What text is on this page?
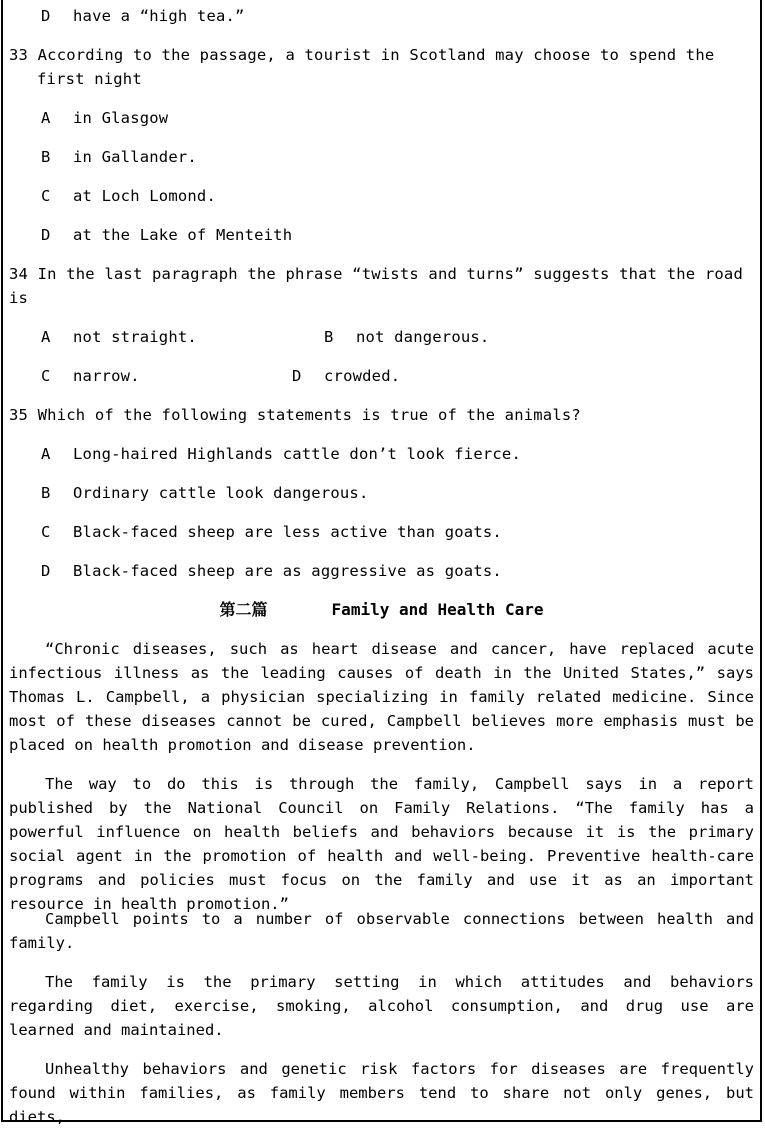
D have a “high tea.”
33 According to the passage, a tourist in Scotland may choose to spend the first night
A in Glasgow
B in Gallander.
C at Loch Lomond.
D at the Lake of Menteith
34 In the last paragraph the phrase “twists and turns” suggests that the road is
A not straight.	B not dangerous.
C narrow.	D crowded.
35 Which of the following statements is true of the animals?
A Long-haired Highlands cattle don’t look fierce.
B Ordinary cattle look dangerous.
C Black-faced sheep are less active than goats.
D Black-faced sheep are as aggressive as goats.
第二篇	Family and Health Care
“Chronic diseases, such as heart disease and cancer, have replaced acute infectious illness as the leading causes of death in the United States,” says Thomas L. Campbell, a physician specializing in family related medicine. Since most of these diseases cannot be cured, Campbell believes more emphasis must be placed on health promotion and disease prevention.
The way to do this is through the family, Campbell says in a report published by the National Council on Family Relations. “The family has a powerful influence on health beliefs and behaviors because it is the primary social agent in the promotion of health and well-being. Preventive health-care programs and policies must focus on the family and use it as an important resource in health promotion.”
Campbell points to a number of observable connections between health and family.
The family is the primary setting in which attitudes and behaviors regarding diet, exercise, smoking, alcohol consumption, and drug use are learned and maintained.
Unhealthy behaviors and genetic risk factors for diseases are frequently found within families, as family members tend to share not only genes, but diets,
